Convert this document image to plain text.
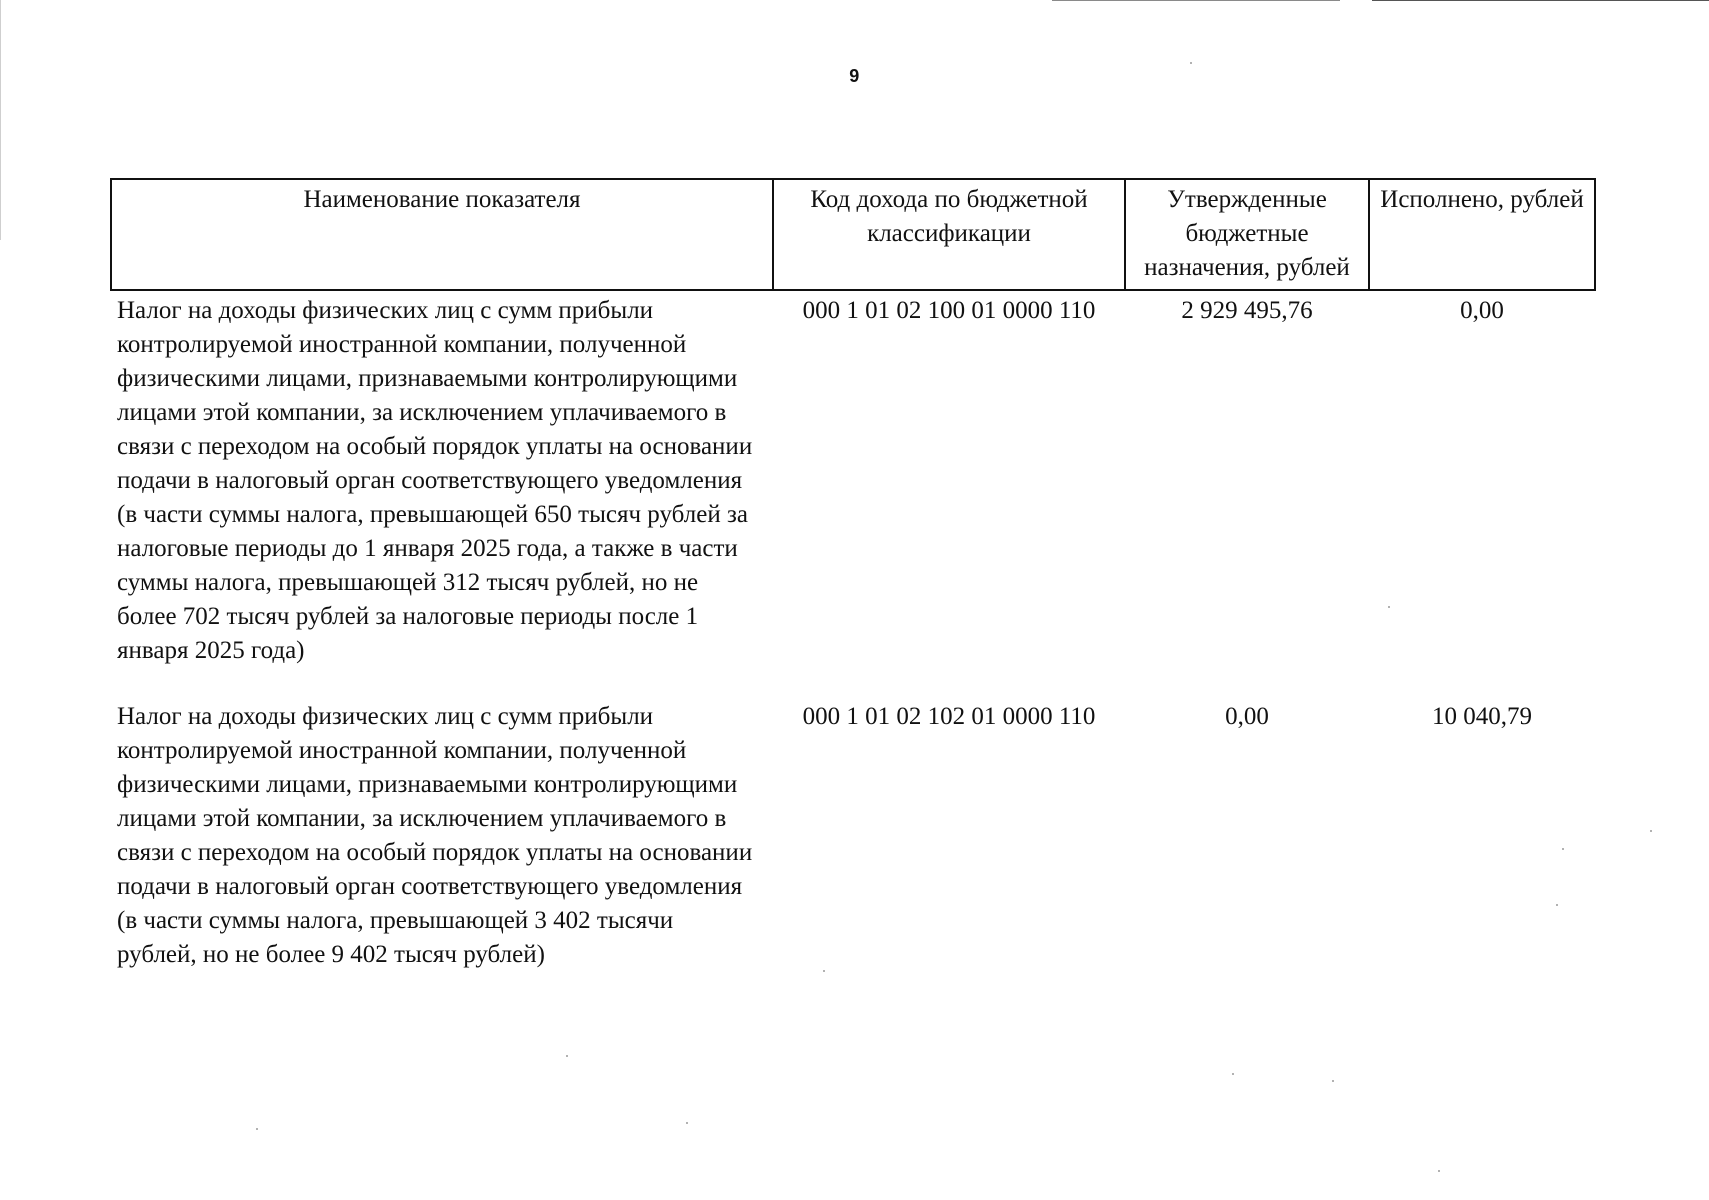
9
Наименование показателя	Код дохода по бюджетной классификации	Утвержденные бюджетные назначения, рублей	Исполнено, рублей
Налог на доходы физических лиц с сумм прибыли контролируемой иностранной компании, полученной физическими лицами, признаваемыми контролирующими лицами этой компании, за исключением уплачиваемого в связи с переходом на особый порядок уплаты на основании подачи в налоговый орган соответствующего уведомления (в части суммы налога, превышающей 650 тысяч рублей за налоговые периоды до 1 января 2025 года, а также в части суммы налога, превышающей 312 тысяч рублей, но не более 702 тысяч рублей за налоговые периоды после 1 января 2025 года)	000 1 01 02 100 01 0000 110	2 929 495,76	0,00
Налог на доходы физических лиц с сумм прибыли контролируемой иностранной компании, полученной физическими лицами, признаваемыми контролирующими лицами этой компании, за исключением уплачиваемого в связи с переходом на особый порядок уплаты на основании подачи в налоговый орган соответствующего уведомления (в части суммы налога, превышающей 3 402 тысячи рублей, но не более 9 402 тысяч рублей)	000 1 01 02 102 01 0000 110	0,00	10 040,79
